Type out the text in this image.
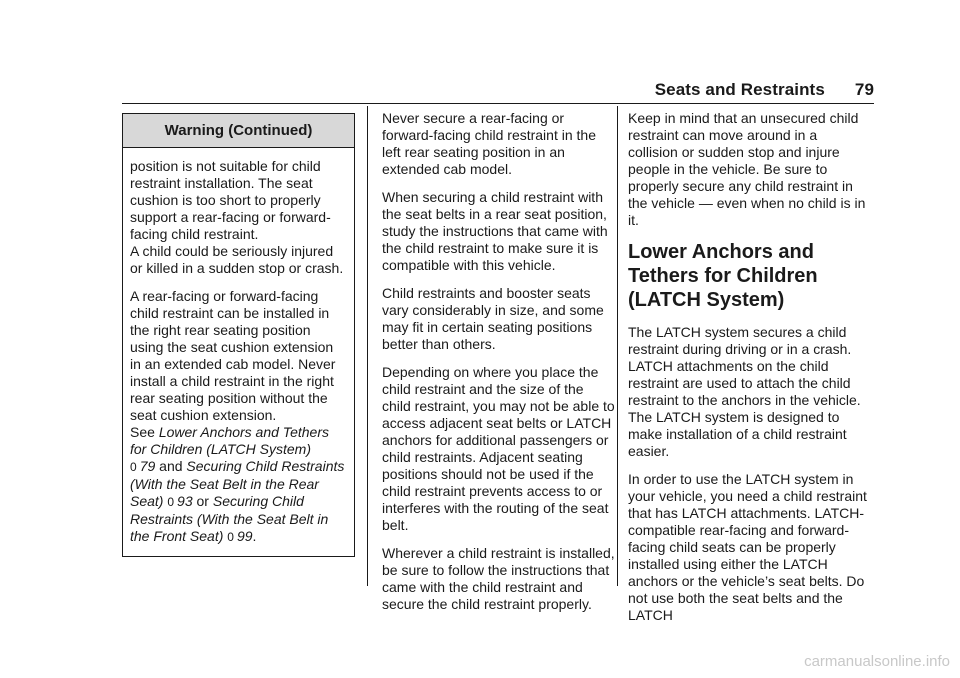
Seats and Restraints 79
Warning (Continued)

position is not suitable for child restraint installation. The seat cushion is too short to properly support a rear-facing or forward-facing child restraint.

A child could be seriously injured or killed in a sudden stop or crash.

A rear-facing or forward-facing child restraint can be installed in the right rear seating position using the seat cushion extension in an extended cab model. Never install a child restraint in the right rear seating position without the seat cushion extension.

See Lower Anchors and Tethers for Children (LATCH System)
0 79 and Securing Child Restraints (With the Seat Belt in the Rear Seat) 0 93 or Securing Child Restraints (With the Seat Belt in the Front Seat) 0 99.

Never secure a rear-facing or forward-facing child restraint in the left rear seating position in an extended cab model.

When securing a child restraint with the seat belts in a rear seat position, study the instructions that came with the child restraint to make sure it is compatible with this vehicle.

Child restraints and booster seats vary considerably in size, and some may fit in certain seating positions better than others.

Depending on where you place the child restraint and the size of the child restraint, you may not be able to access adjacent seat belts or LATCH anchors for additional passengers or child restraints. Adjacent seating positions should not be used if the child restraint prevents access to or interferes with the routing of the seat belt.

Wherever a child restraint is installed, be sure to follow the instructions that came with the child restraint and secure the child restraint properly.

Keep in mind that an unsecured child restraint can move around in a collision or sudden stop and injure people in the vehicle. Be sure to properly secure any child restraint in the vehicle — even when no child is in it.

Lower Anchors and Tethers for Children (LATCH System)

The LATCH system secures a child restraint during driving or in a crash. LATCH attachments on the child restraint are used to attach the child restraint to the anchors in the vehicle. The LATCH system is designed to make installation of a child restraint easier.

In order to use the LATCH system in your vehicle, you need a child restraint that has LATCH attachments. LATCH-compatible rear-facing and forward-facing child seats can be properly installed using either the LATCH anchors or the vehicle’s seat belts. Do not use both the seat belts and the LATCH

carmanualsonline.info
